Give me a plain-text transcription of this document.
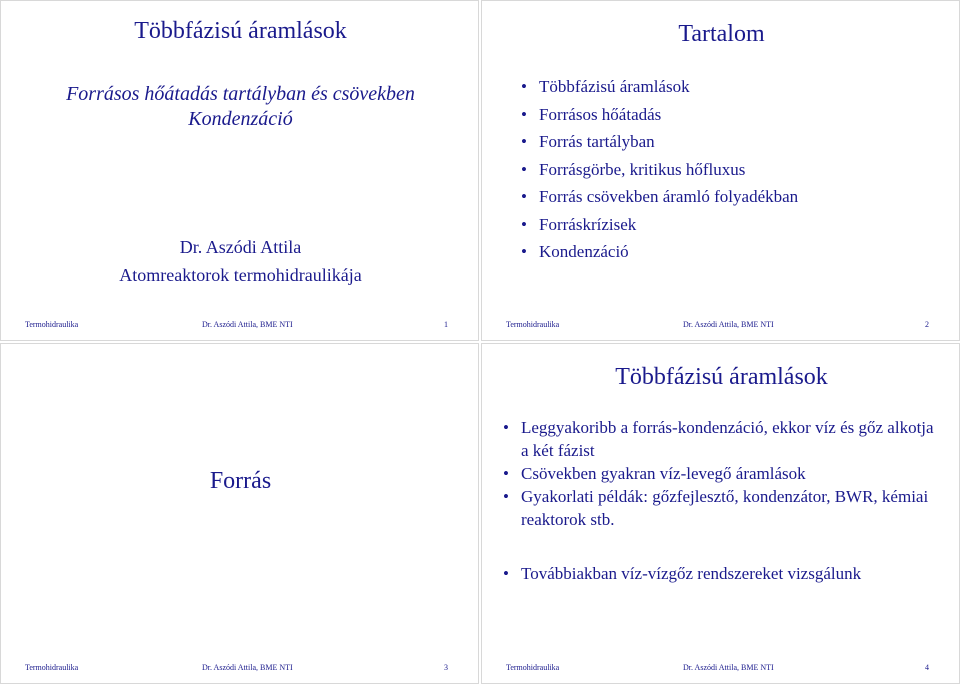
Többfázisú áramlások
Forrásos hőátadás tartályban és csövekben
Kondenzáció
Dr. Aszódi Attila
Atomreaktorok termohidraulikája
Termohidraulika	Dr. Aszódi Attila, BME NTI	1
Tartalom
• Többfázisú áramlások
• Forrásos hőátadás
• Forrás tartályban
• Forrásgörbe, kritikus hőfluxus
• Forrás csövekben áramló folyadékban
• Forráskrízisek
• Kondenzáció
Termohidraulika	Dr. Aszódi Attila, BME NTI	2
Forrás
Termohidraulika	Dr. Aszódi Attila, BME NTI	3
Többfázisú áramlások
• Leggyakoribb a forrás-kondenzáció, ekkor víz és gőz alkotja a két fázist
• Csövekben gyakran víz-levegő áramlások
• Gyakorlati példák: gőzfejlesztő, kondenzátor, BWR, kémiai reaktorok stb.
• Továbbiakban víz-vízgőz rendszereket vizsgálunk
Termohidraulika	Dr. Aszódi Attila, BME NTI	4
